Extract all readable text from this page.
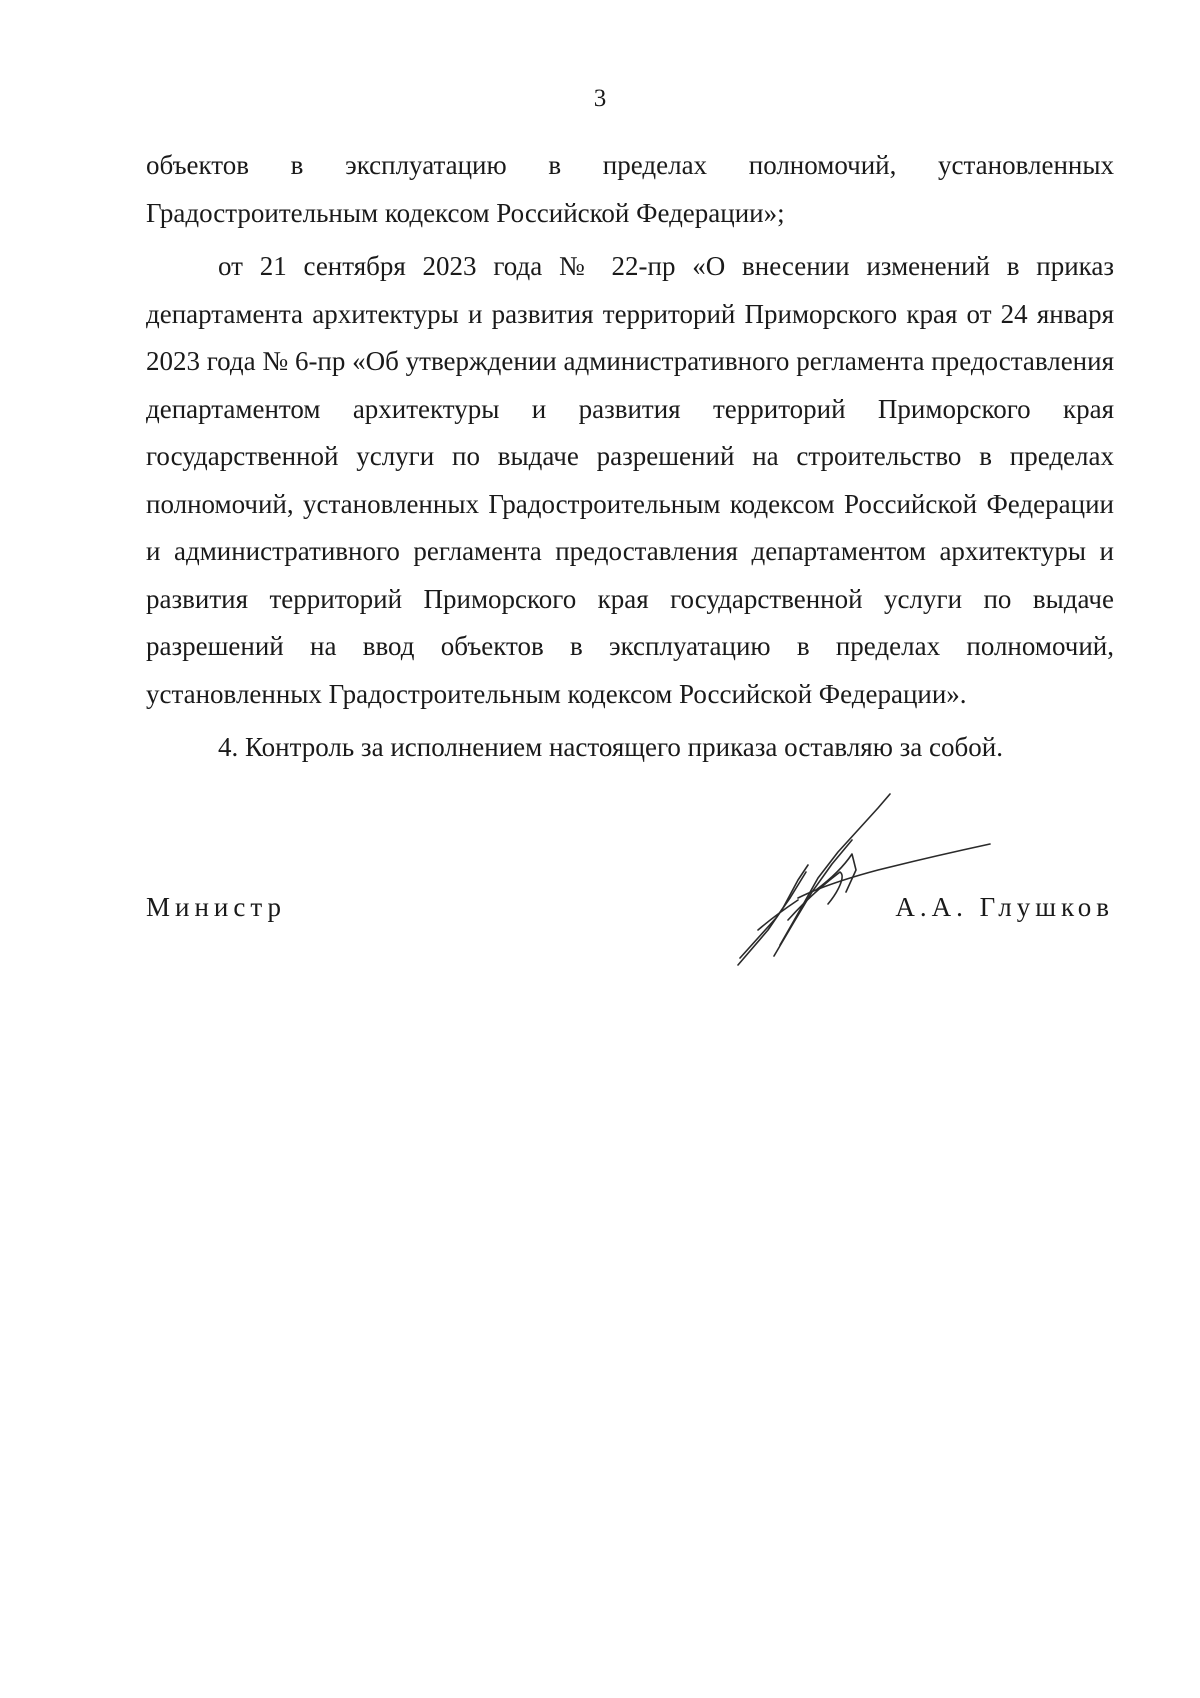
3

объектов в эксплуатацию в пределах полномочий, установленных Градостроительным кодексом Российской Федерации»;

от 21 сентября 2023 года № 22-пр «О внесении изменений в приказ департамента архитектуры и развития территорий Приморского края от 24 января 2023 года № 6-пр «Об утверждении административного регламента предоставления департаментом архитектуры и развития территорий Приморского края государственной услуги по выдаче разрешений на строительство в пределах полномочий, установленных Градостроительным кодексом Российской Федерации и административного регламента предоставления департаментом архитектуры и развития территорий Приморского края государственной услуги по выдаче разрешений на ввод объектов в эксплуатацию в пределах полномочий, установленных Градостроительным кодексом Российской Федерации».

4. Контроль за исполнением настоящего приказа оставляю за собой.

Министр	А.А. Глушков
